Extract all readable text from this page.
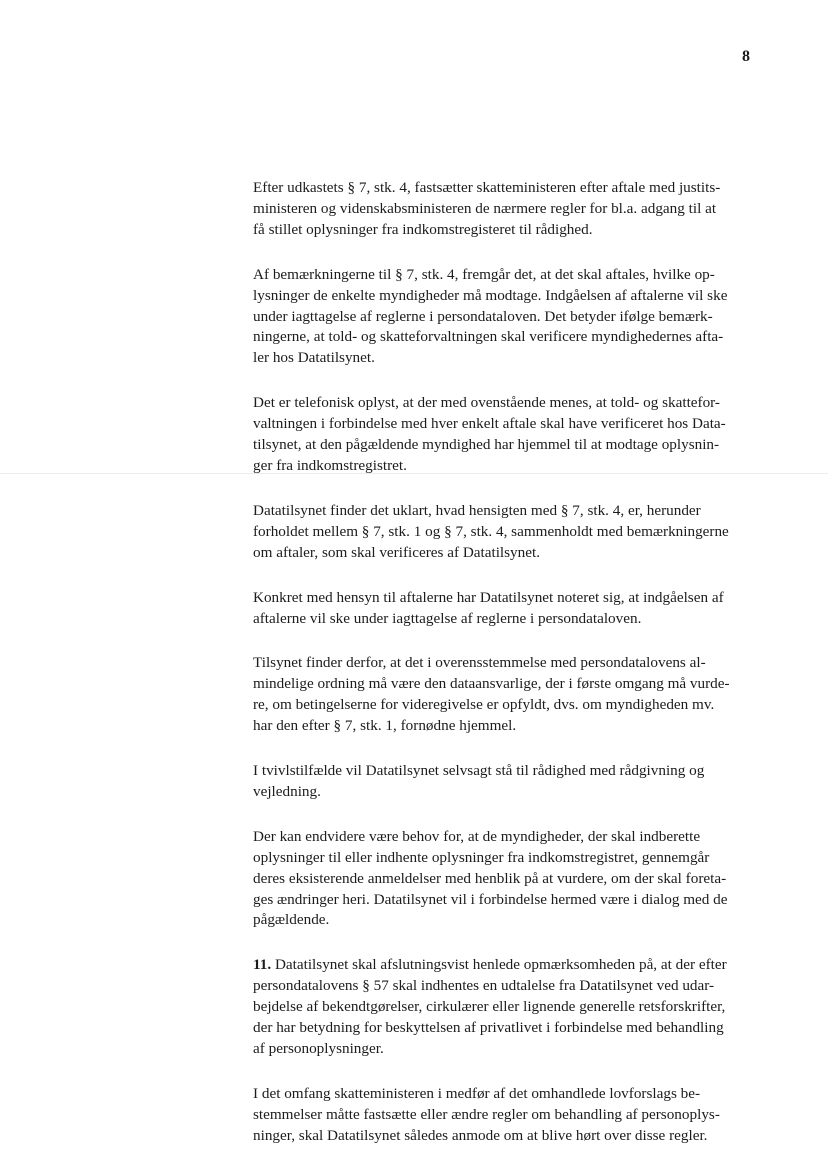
8

Efter udkastets § 7, stk. 4, fastsætter skatteministeren efter aftale med justits-
ministeren og videnskabsministeren de nærmere regler for bl.a. adgang til at
få stillet oplysninger fra indkomstregisteret til rådighed.

Af bemærkningerne til § 7, stk. 4, fremgår det, at det skal aftales, hvilke op-
lysninger de enkelte myndigheder må modtage. Indgåelsen af aftalerne vil ske
under iagttagelse af reglerne i persondataloven. Det betyder ifølge bemærk-
ningerne, at told- og skatteforvaltningen skal verificere myndighedernes afta-
ler hos Datatilsynet.

Det er telefonisk oplyst, at der med ovenstående menes, at told- og skattefor-
valtningen i forbindelse med hver enkelt aftale skal have verificeret hos Data-
tilsynet, at den pågældende myndighed har hjemmel til at modtage oplysnin-
ger fra indkomstregistret.

Datatilsynet finder det uklart, hvad hensigten med § 7, stk. 4, er, herunder
forholdet mellem § 7, stk. 1 og § 7, stk. 4, sammenholdt med bemærkningerne
om aftaler, som skal verificeres af Datatilsynet.

Konkret med hensyn til aftalerne har Datatilsynet noteret sig, at indgåelsen af
aftalerne vil ske under iagttagelse af reglerne i persondataloven.

Tilsynet finder derfor, at det i overensstemmelse med persondatalovens al-
mindelige ordning må være den dataansvarlige, der i første omgang må vurde-
re, om betingelserne for videregivelse er opfyldt, dvs. om myndigheden mv.
har den efter § 7, stk. 1, fornødne hjemmel.

I tvivlstilfælde vil Datatilsynet selvsagt stå til rådighed med rådgivning og
vejledning.

Der kan endvidere være behov for, at de myndigheder, der skal indberette
oplysninger til eller indhente oplysninger fra indkomstregistret, gennemgår
deres eksisterende anmeldelser med henblik på at vurdere, om der skal foreta-
ges ændringer heri. Datatilsynet vil i forbindelse hermed være i dialog med de
pågældende.

11. Datatilsynet skal afslutningsvist henlede opmærksomheden på, at der efter
persondatalovens § 57 skal indhentes en udtalelse fra Datatilsynet ved udar-
bejdelse af bekendtgørelser, cirkulærer eller lignende generelle retsforskrifter,
der har betydning for beskyttelsen af privatlivet i forbindelse med behandling
af personoplysninger.

I det omfang skatteministeren i medfør af det omhandlede lovforslags be-
stemmelser måtte fastsætte eller ændre regler om behandling af personoplys-
ninger, skal Datatilsynet således anmode om at blive hørt over disse regler.
